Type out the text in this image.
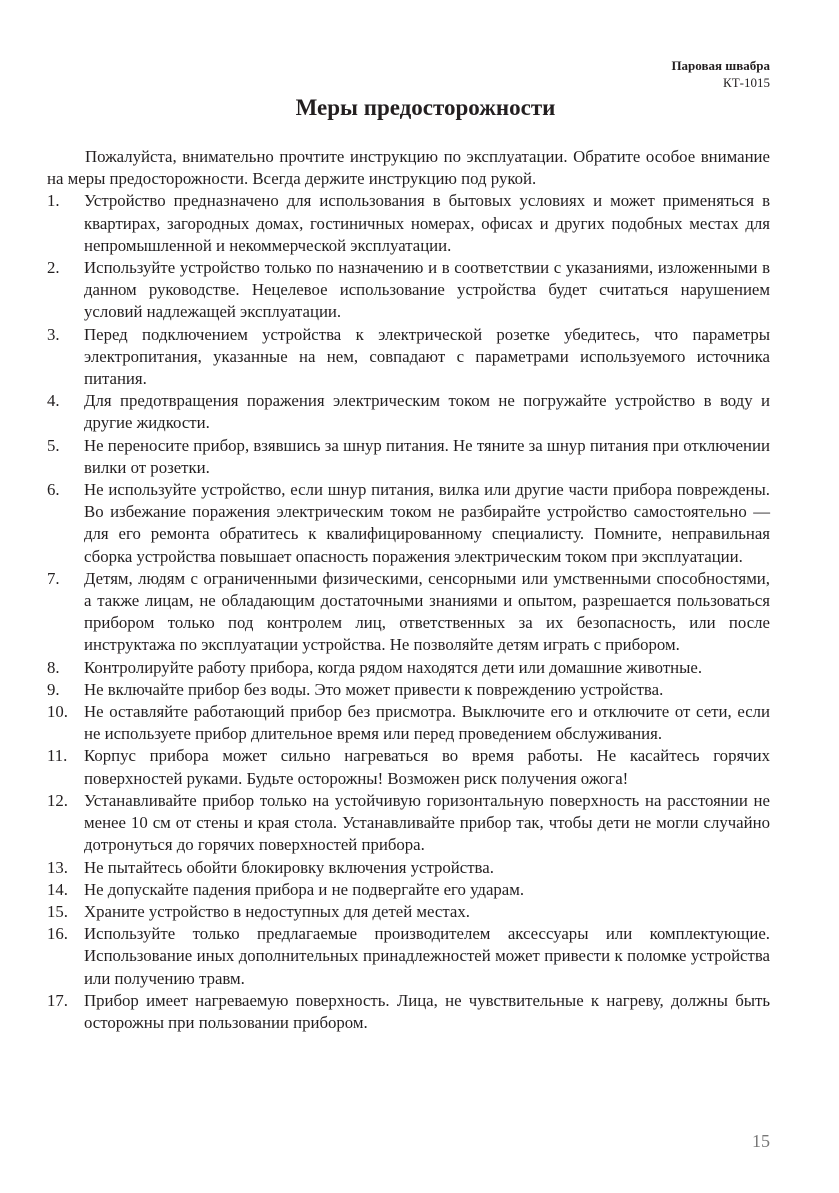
Паровая швабра
КТ-1015
Меры предосторожности

Пожалуйста, внимательно прочтите инструкцию по эксплуатации. Обратите особое внимание на меры предосторожности. Всегда держите инструкцию под рукой.

1.	Устройство предназначено для использования в бытовых условиях и может применяться в квартирах, загородных домах, гостиничных номерах, офисах и других подобных местах для непромышленной и некоммерческой эксплуатации.
2.	Используйте устройство только по назначению и в соответствии с указаниями, изложенными в данном руководстве. Нецелевое использование устройства будет считаться нарушением условий надлежащей эксплуатации.
3.	Перед подключением устройства к электрической розетке убедитесь, что параметры электропитания, указанные на нем, совпадают с параметрами используемого источника питания.
4.	Для предотвращения поражения электрическим током не погружайте устройство в воду и другие жидкости.
5.	Не переносите прибор, взявшись за шнур питания. Не тяните за шнур питания при отключении вилки от розетки.
6.	Не используйте устройство, если шнур питания, вилка или другие части прибора повреждены. Во избежание поражения электрическим током не разбирайте устройство самостоятельно — для его ремонта обратитесь к квалифицированному специалисту. Помните, неправильная сборка устройства повышает опасность поражения электрическим током при эксплуатации.
7.	Детям, людям с ограниченными физическими, сенсорными или умственными способностями, а также лицам, не обладающим достаточными знаниями и опытом, разрешается пользоваться прибором только под контролем лиц, ответственных за их безопасность, или после инструктажа по эксплуатации устройства. Не позволяйте детям играть с прибором.
8.	Контролируйте работу прибора, когда рядом находятся дети или домашние животные.
9.	Не включайте прибор без воды. Это может привести к повреждению устройства.
10. Не оставляйте работающий прибор без присмотра. Выключите его и отключите от сети, если не используете прибор длительное время или перед проведением обслуживания.
11. Корпус прибора может сильно нагреваться во время работы. Не касайтесь горячих поверхностей руками. Будьте осторожны! Возможен риск получения ожога!
12. Устанавливайте прибор только на устойчивую горизонтальную поверхность на расстоянии не менее 10 см от стены и края стола. Устанавливайте прибор так, чтобы дети не могли случайно дотронуться до горячих поверхностей прибора.
13. Не пытайтесь обойти блокировку включения устройства.
14. Не допускайте падения прибора и не подвергайте его ударам.
15. Храните устройство в недоступных для детей местах.
16. Используйте только предлагаемые производителем аксессуары или комплектующие. Использование иных дополнительных принадлежностей может привести к поломке устройства или получению травм.
17. Прибор имеет нагреваемую поверхность. Лица, не чувствительные к нагреву, должны быть осторожны при пользовании прибором.
15
